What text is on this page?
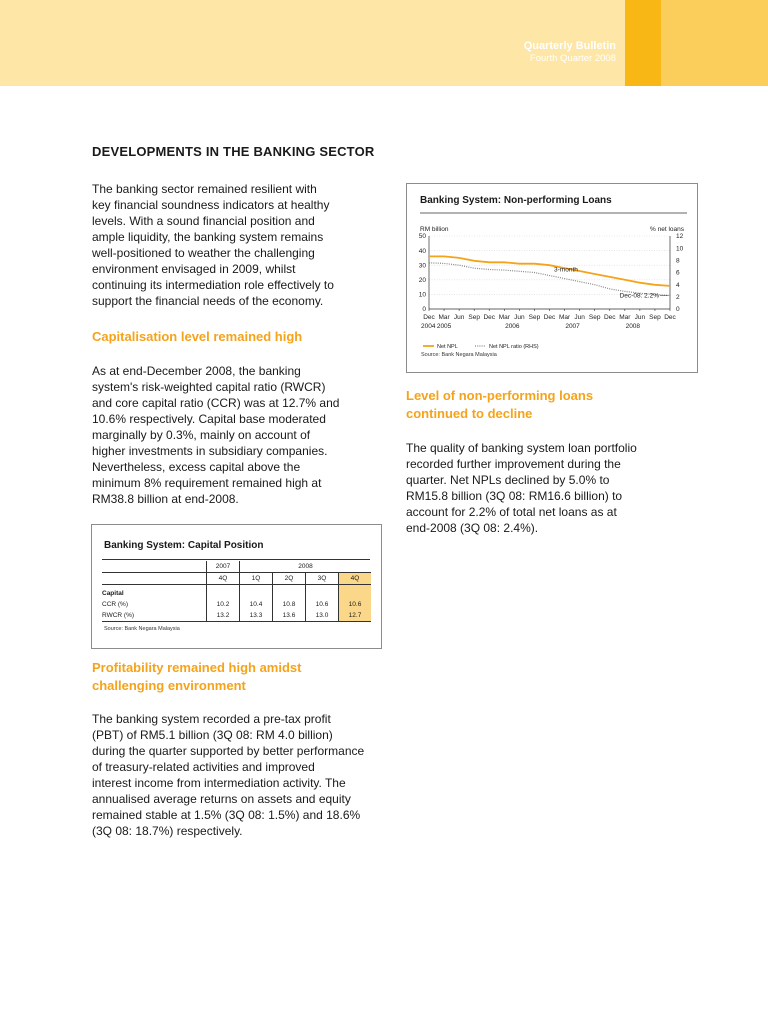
Quarterly Bulletin
Fourth Quarter 2008
DEVELOPMENTS IN THE BANKING SECTOR

The banking sector remained resilient with
key financial soundness indicators at healthy
levels. With a sound financial position and
ample liquidity, the banking system remains
well-positioned to weather the challenging
environment envisaged in 2009, whilst
continuing its intermediation role effectively to
support the financial needs of the economy.

Capitalisation level remained high

As at end-December 2008, the banking
system's risk-weighted capital ratio (RWCR)
and core capital ratio (CCR) was at 12.7% and
10.6% respectively. Capital base moderated
marginally by 0.3%, mainly on account of
higher investments in subsidiary companies.
Nevertheless, excess capital above the
minimum 8% requirement remained high at
RM38.8 billion at end-2008.

Banking System: Capital Position
	2007	2008			
	4Q	1Q	2Q	3Q	4Q
Capital					
CCR (%)	10.2	10.4	10.8	10.6	10.6
RWCR (%)	13.2	13.3	13.6	13.0	12.7
Source: Bank Negara Malaysia
Profitability remained high amidst
challenging environment

The banking system recorded a pre-tax profit
(PBT) of RM5.1 billion (3Q 08: RM 4.0 billion)
during the quarter supported by better performance
of treasury-related activities and improved
interest income from intermediation activity. The
annualised average returns on assets and equity
remained stable at 1.5% (3Q 08: 1.5%) and 18.6%
(3Q 08: 18.7%) respectively.

Banking System: Non-performing Loans
RM billion	% net loans
0
10
20
30
40
50
0
2
4
6
8
10
12
Dec Mar Jun Sep Dec Mar Jun Sep Dec Mar Jun Sep Dec Mar Jun Sep Dec
2004 2005	2006	2007	2008
3-month
Dec-08: 2.2%
Net NPL	Net NPL ratio (RHS)
Source: Bank Negara Malaysia
Level of non-performing loans
continued to decline

The quality of banking system loan portfolio
recorded further improvement during the
quarter. Net NPLs declined by 5.0% to
RM15.8 billion (3Q 08: RM16.6 billion) to
account for 2.2% of total net loans as at
end-2008 (3Q 08: 2.4%).
